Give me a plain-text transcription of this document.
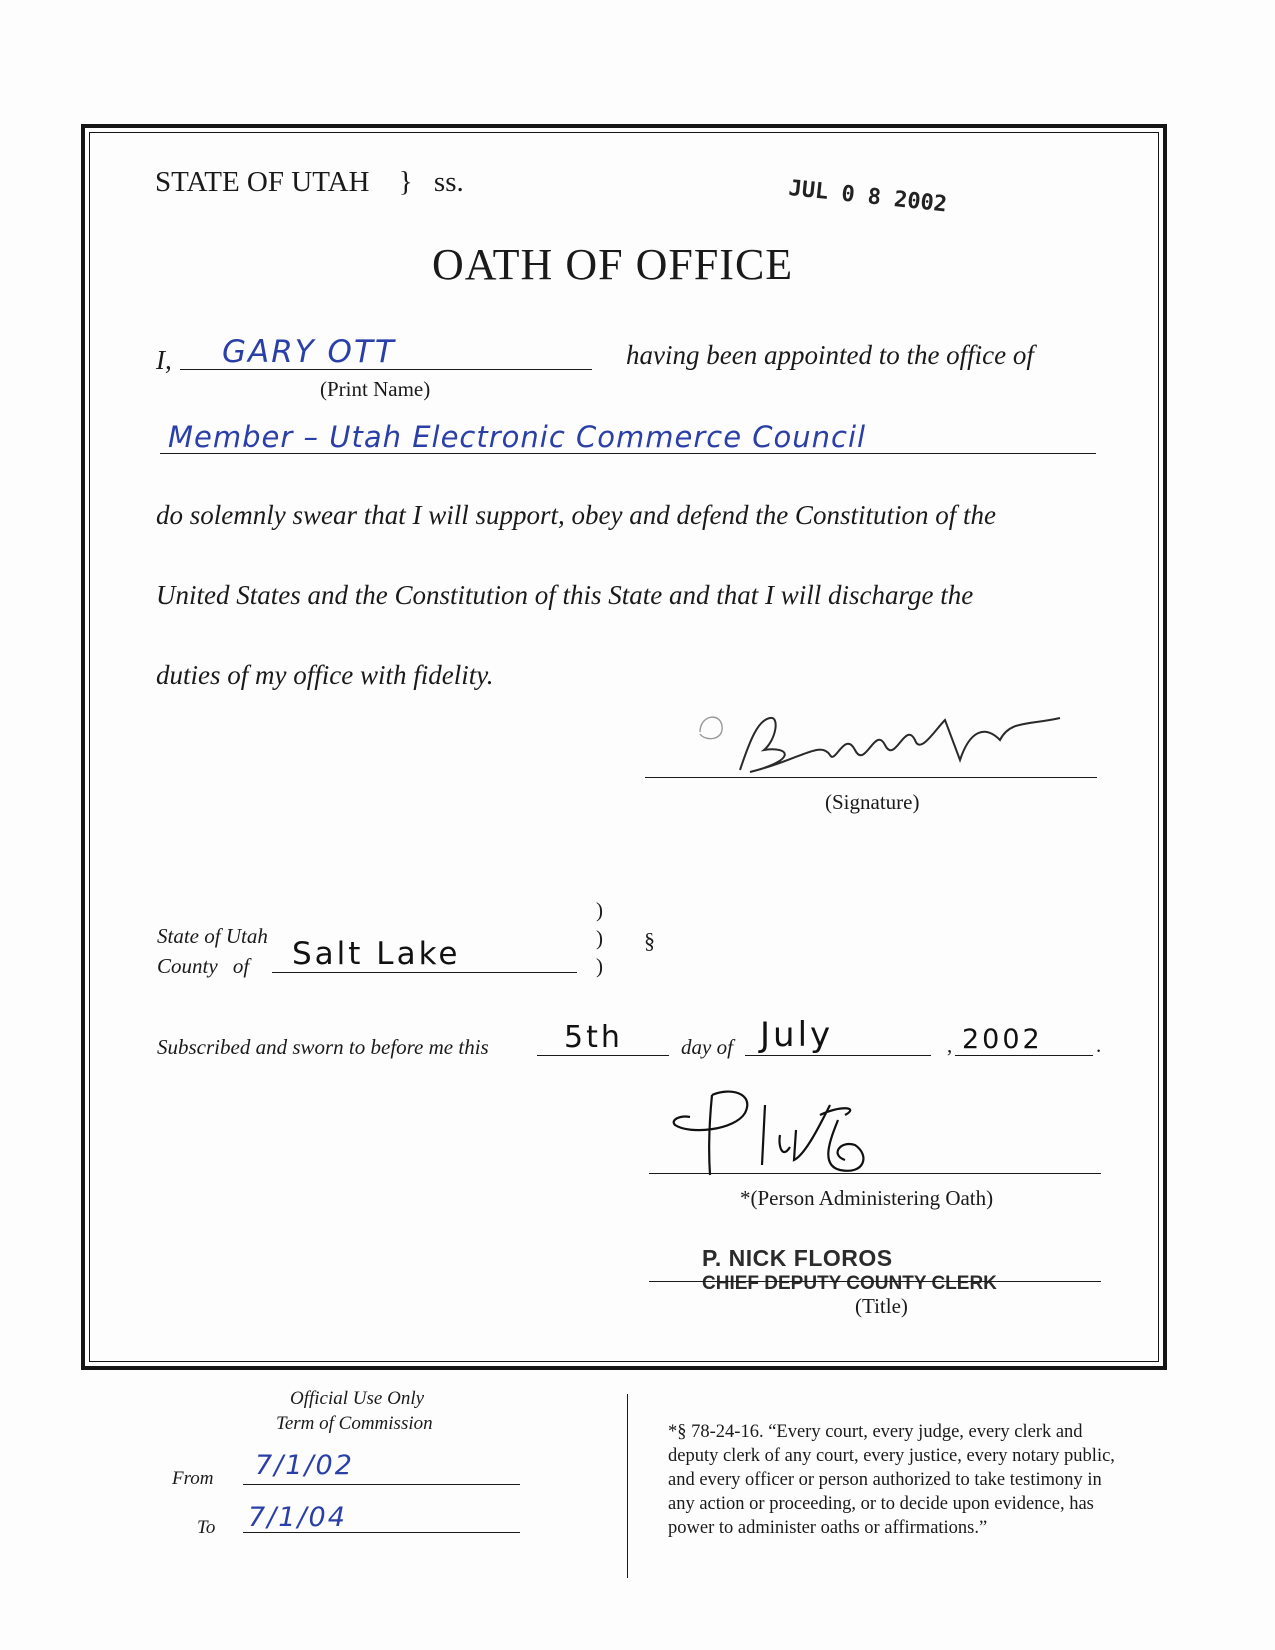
STATE OF UTAH } ss.	JUL 0 8 2002
OATH OF OFFICE
I, GARY OTT
(Print Name)
having been appointed to the office of
Member – Utah Electronic Commerce Council
do solemnly swear that I will support, obey and defend the Constitution of the
United States and the Constitution of this State and that I will discharge the
duties of my office with fidelity.
(Signature)
State of Utah
County of Salt Lake
)
)
)
§
Subscribed and sworn to before me this	5th	day of July	, 2002	.
*(Person Administering Oath)
P. NICK FLOROS
CHIEF DEPUTY COUNTY CLERK
(Title)
Official Use Only
Term of Commission
From 7/1/02
To 7/1/04
*§ 78-24-16. “Every court, every judge, every clerk and
deputy clerk of any court, every justice, every notary public,
and every officer or person authorized to take testimony in
any action or proceeding, or to decide upon evidence, has
power to administer oaths or affirmations.”
